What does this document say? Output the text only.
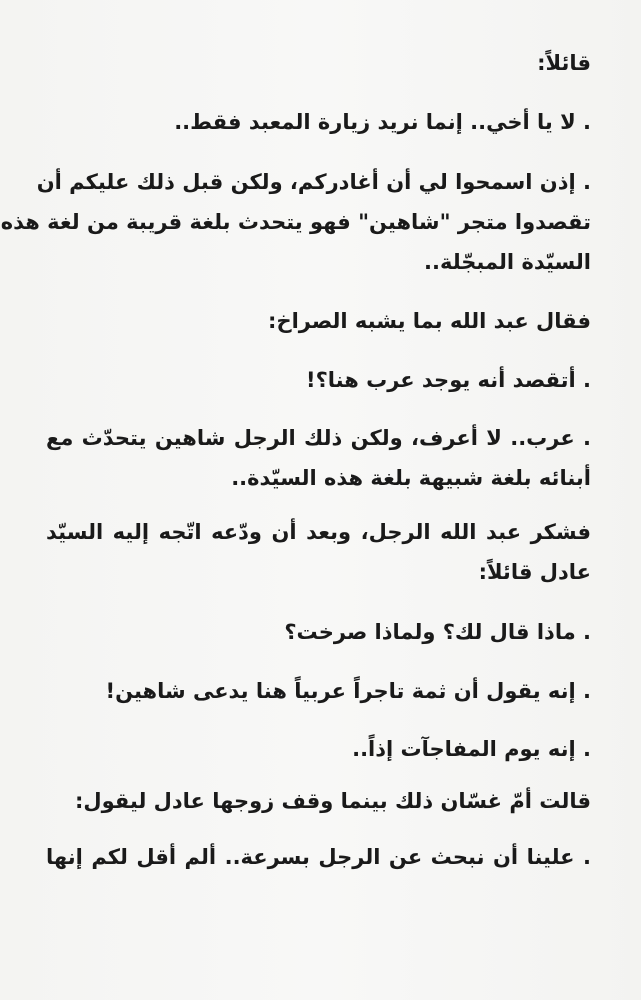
قائلاً:
. لا يا أخي.. إنما نريد زيارة المعبد فقط..
. إذن اسمحوا لي أن أغادركم، ولكن قبل ذلك عليكم أن
تقصدوا متجر "شاهين" فهو يتحدث بلغة قريبة من لغة هذه
السيّدة المبجّلة..
فقال عبد الله بما يشبه الصراخ:
. أتقصد أنه يوجد عرب هنا؟!
. عرب.. لا أعرف، ولكن ذلك الرجل شاهين يتحدّث مع
أبنائه بلغة شبيهة بلغة هذه السيّدة..
فشكر عبد الله الرجل، وبعد أن ودّعه اتّجه إليه السيّد
عادل قائلاً:
. ماذا قال لك؟ ولماذا صرخت؟
. إنه يقول أن ثمة تاجراً عربياً هنا يدعى شاهين!
. إنه يوم المفاجآت إذاً..
قالت أمّ غسّان ذلك بينما وقف زوجها عادل ليقول:
. علينا أن نبحث عن الرجل بسرعة.. ألم أقل لكم إنها
